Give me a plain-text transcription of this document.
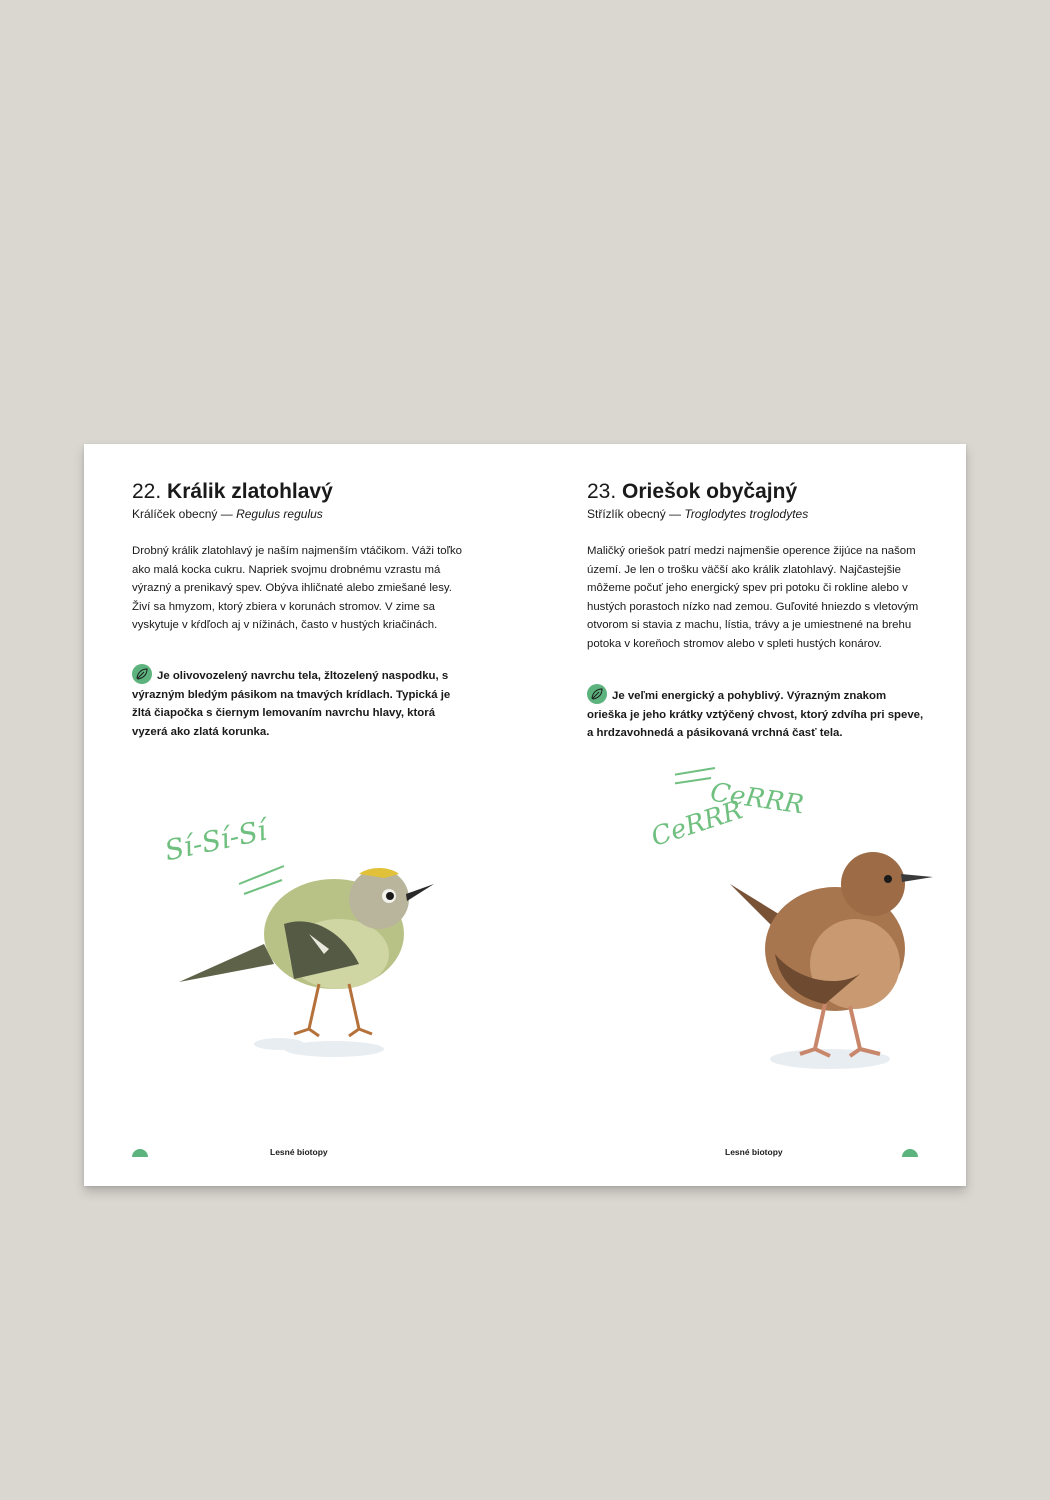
22. Králik zlatohlavý
Králíček obecný — Regulus regulus

Drobný králik zlatohlavý je naším najmenším vtáčikom. Váži toľko ako malá kocka cukru. Napriek svojmu drobnému vzrastu má výrazný a prenikavý spev. Obýva ihličnaté alebo zmiešané lesy. Živí sa hmyzom, ktorý zbiera v korunách stromov. V zime sa vyskytuje v kŕdľoch aj v nížinách, často v hustých kriačinách.

Je olivovozelený navrchu tela, žltozelený naspodku, s výrazným bledým pásikom na tmavých krídlach. Typická je žltá čiapočka s čiernym lemovaním navrchu hlavy, ktorá vyzerá ako zlatá korunka.

Sí-Sí-Sí
Lesné biotopy
23. Oriešok obyčajný
Střízlík obecný — Troglodytes troglodytes

Maličký oriešok patrí medzi najmenšie operence žijúce na našom území. Je len o trošku väčší ako králik zlatohlavý. Najčastejšie môžeme počuť jeho energický spev pri potoku či rokline alebo v hustých porastoch nízko nad zemou. Guľovité hniezdo s vletovým otvorom si stavia z machu, lístia, trávy a je umiestnené na brehu potoka v koreňoch stromov alebo v spleti hustých konárov.

Je veľmi energický a pohyblivý. Výrazným znakom orieška je jeho krátky vztýčený chvost, ktorý zdvíha pri speve, a hrdzavohnedá a pásikovaná vrchná časť tela.

CeRRR
CeRRR
Lesné biotopy
